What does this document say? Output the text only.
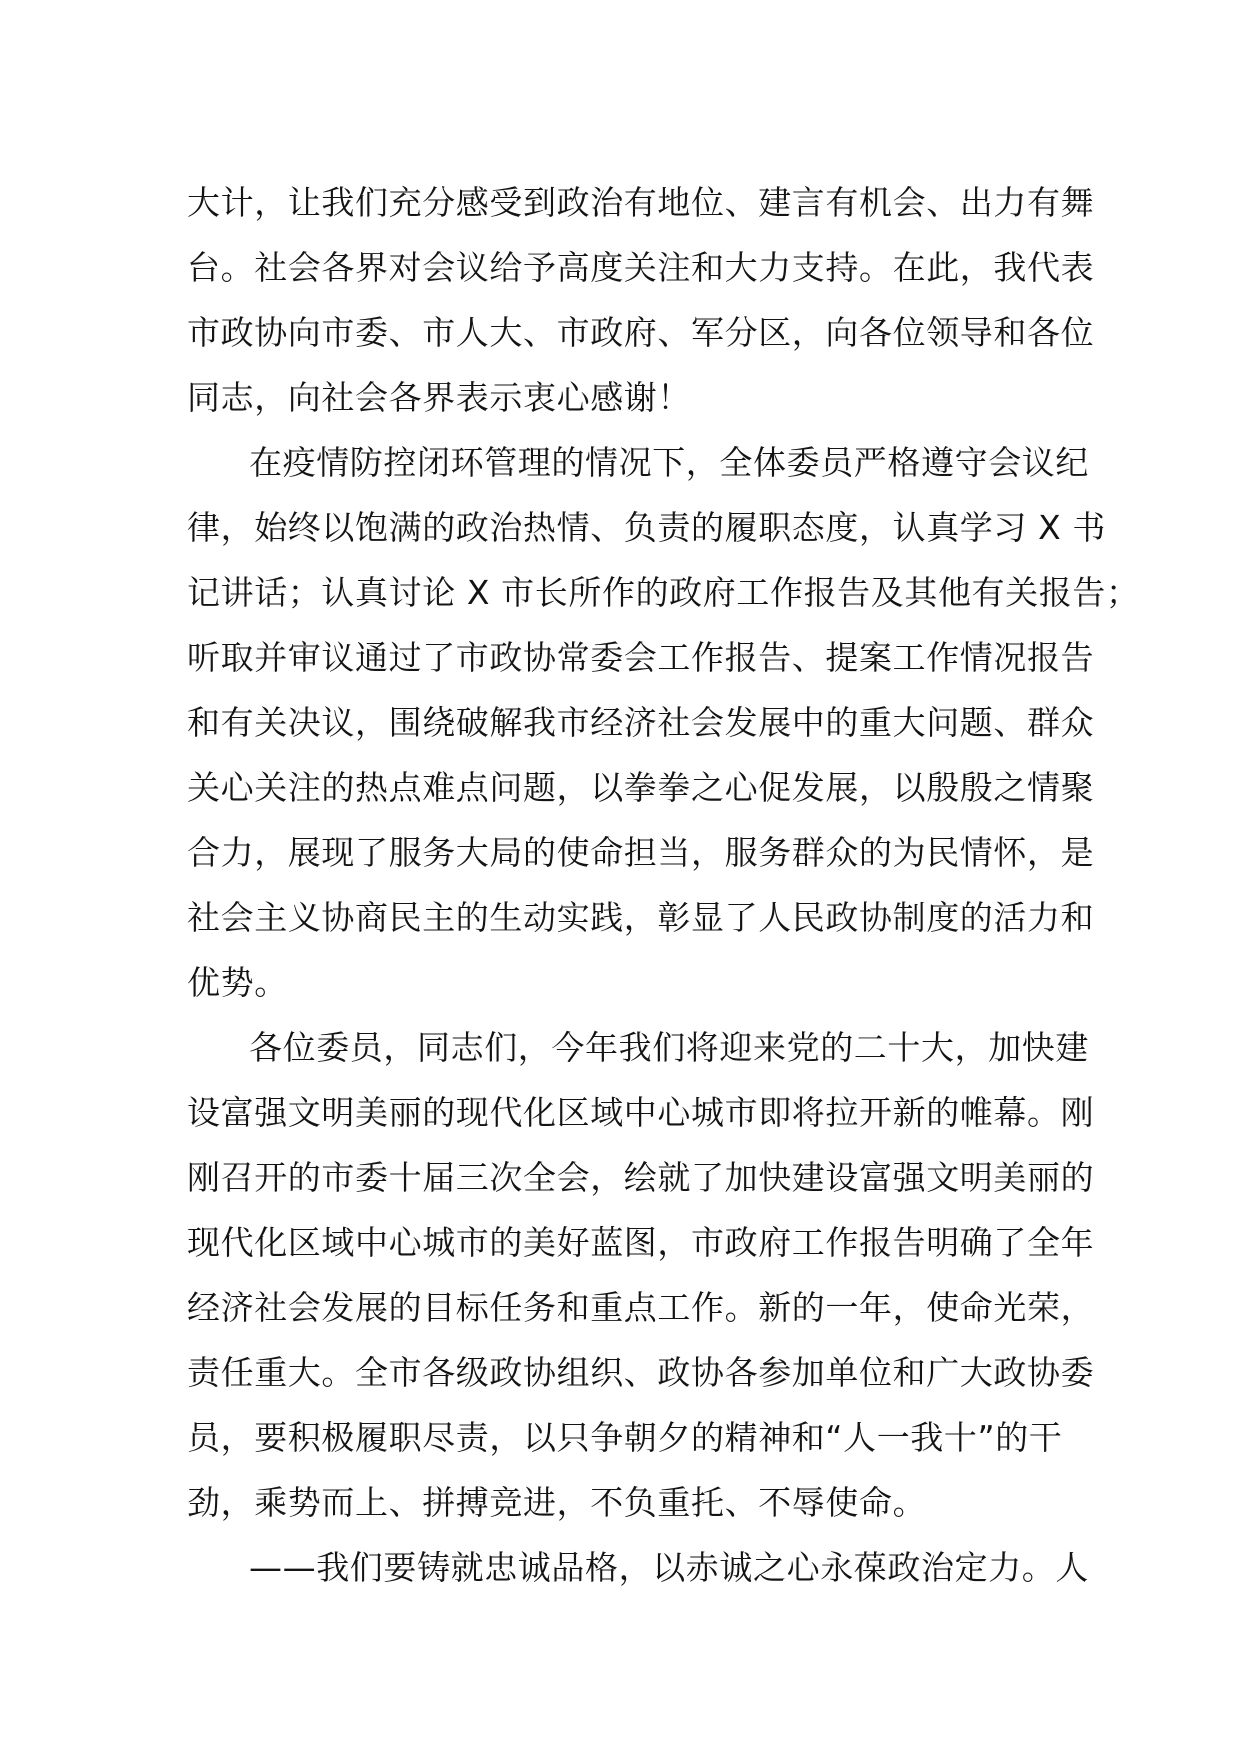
大计，让我们充分感受到政治有地位、建言有机会、出力有舞
台。社会各界对会议给予高度关注和大力支持。在此，我代表
市政协向市委、市人大、市政府、军分区，向各位领导和各位
同志，向社会各界表示衷心感谢！
在疫情防控闭环管理的情况下，全体委员严格遵守会议纪
律，始终以饱满的政治热情、负责的履职态度，认真学习 X 书
记讲话；认真讨论 X 市长所作的政府工作报告及其他有关报告；
听取并审议通过了市政协常委会工作报告、提案工作情况报告
和有关决议，围绕破解我市经济社会发展中的重大问题、群众
关心关注的热点难点问题，以拳拳之心促发展，以殷殷之情聚
合力，展现了服务大局的使命担当，服务群众的为民情怀，是
社会主义协商民主的生动实践，彰显了人民政协制度的活力和
优势。
各位委员，同志们，今年我们将迎来党的二十大，加快建
设富强文明美丽的现代化区域中心城市即将拉开新的帷幕。刚
刚召开的市委十届三次全会，绘就了加快建设富强文明美丽的
现代化区域中心城市的美好蓝图，市政府工作报告明确了全年
经济社会发展的目标任务和重点工作。新的一年，使命光荣，
责任重大。全市各级政协组织、政协各参加单位和广大政协委
员，要积极履职尽责，以只争朝夕的精神和“人一我十”的干
劲，乘势而上、拼搏竞进，不负重托、不辱使命。
——我们要铸就忠诚品格，以赤诚之心永葆政治定力。人
